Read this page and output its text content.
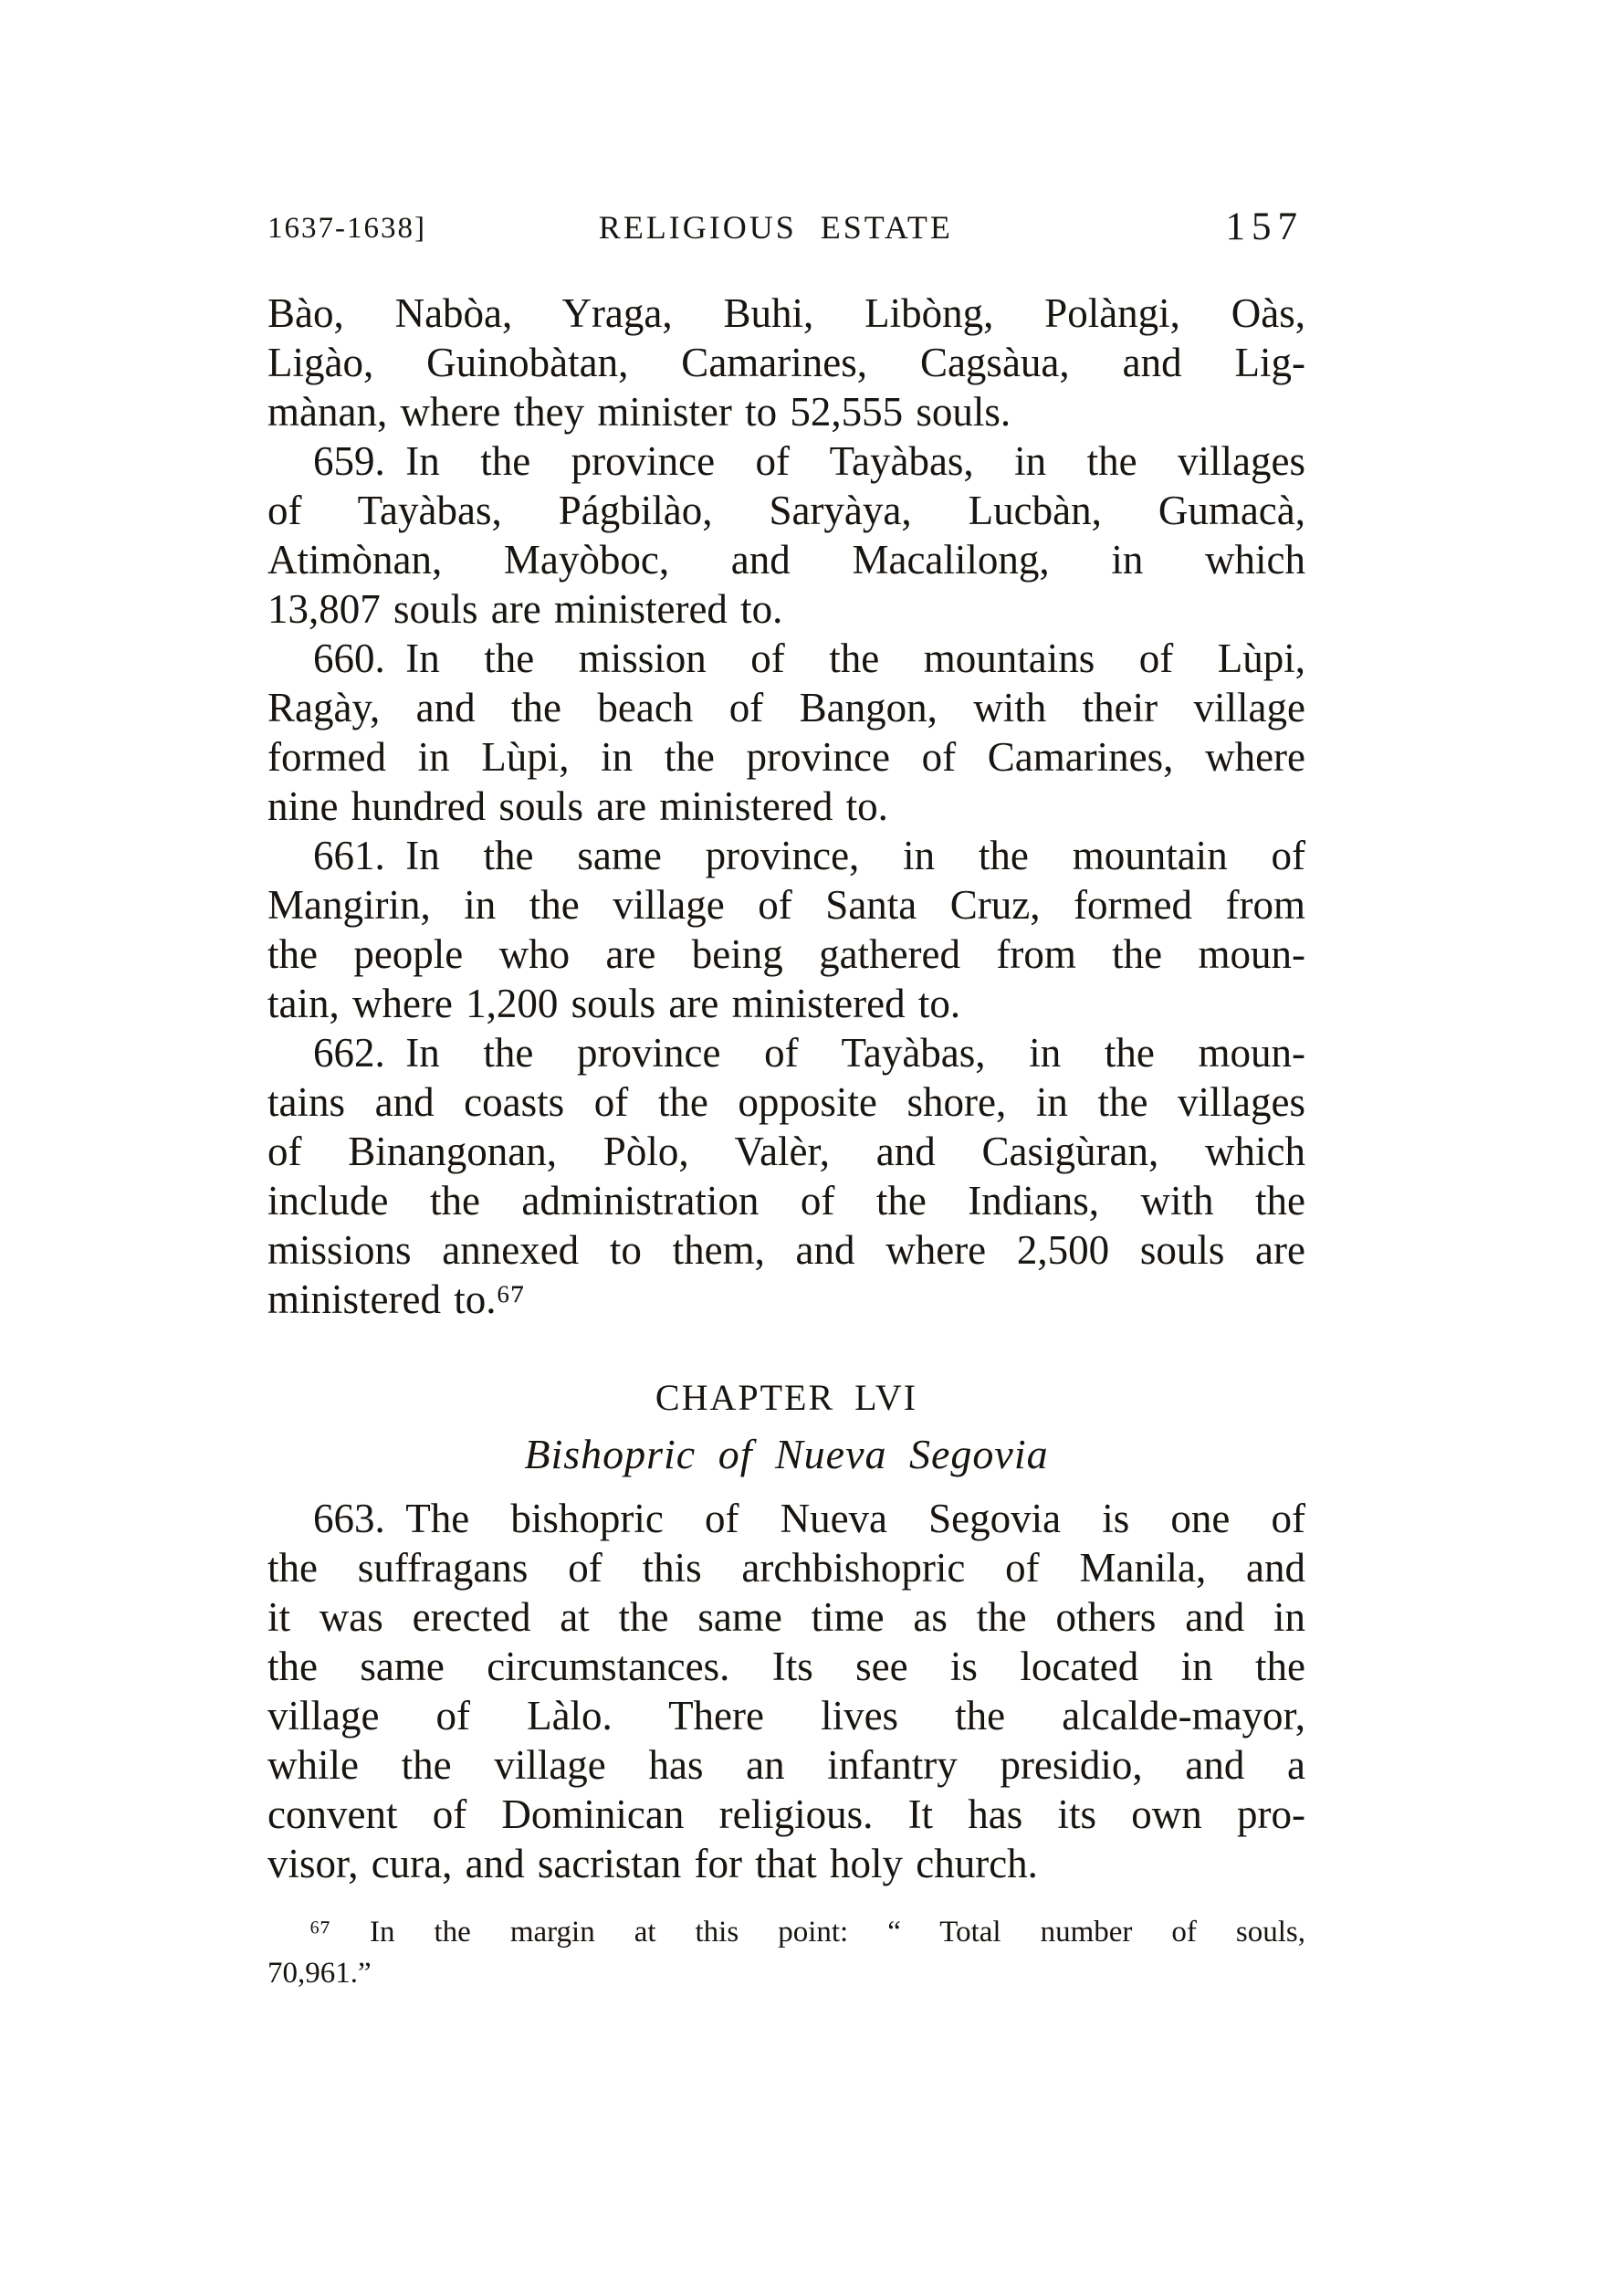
1637-1638]	RELIGIOUS ESTATE	157
Bào, Nabòa, Yraga, Buhi, Libòng, Polàngi, Oàs,
Ligào, Guinobàtan, Camarines, Cagsàua, and Lig-
mànan, where they minister to 52,555 souls.
659. In the province of Tayàbas, in the villages
of Tayàbas, Págbilào, Saryàya, Lucbàn, Gumacà,
Atimònan, Mayòboc, and Macalilong, in which
13,807 souls are ministered to.
660. In the mission of the mountains of Lùpi,
Ragày, and the beach of Bangon, with their village
formed in Lùpi, in the province of Camarines, where
nine hundred souls are ministered to.
661. In the same province, in the mountain of
Mangirin, in the village of Santa Cruz, formed from
the people who are being gathered from the moun-
tain, where 1,200 souls are ministered to.
662. In the province of Tayàbas, in the moun-
tains and coasts of the opposite shore, in the villages
of Binangonan, Pòlo, Valèr, and Casigùran, which
include the administration of the Indians, with the
missions annexed to them, and where 2,500 souls are
ministered to.⁶⁷
CHAPTER LVI
Bishopric of Nueva Segovia
663. The bishopric of Nueva Segovia is one of
the suffragans of this archbishopric of Manila, and
it was erected at the same time as the others and in
the same circumstances. Its see is located in the
village of Làlo. There lives the alcalde-mayor,
while the village has an infantry presidio, and a
convent of Dominican religious. It has its own pro-
visor, cura, and sacristan for that holy church.
⁶⁷ In the margin at this point: “ Total number of souls,
70,961.”
